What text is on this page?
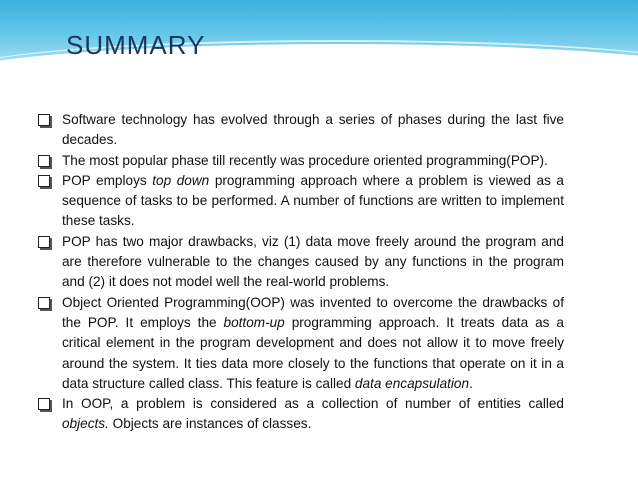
SUMMARY
Software technology has evolved through a series of phases during the last five decades.
The most popular phase till recently was procedure oriented programming(POP).
POP employs top down programming approach where a problem is viewed as a sequence of tasks to be performed. A number of functions are written to implement these tasks.
POP has two major drawbacks, viz (1) data move freely around the program and are therefore vulnerable to the changes caused by any functions in the program and (2) it does not model well the real-world problems.
Object Oriented Programming(OOP) was invented to overcome the drawbacks of the POP. It employs the bottom-up programming approach. It treats data as a critical element in the program development and does not allow it to move freely around the system. It ties data more closely to the functions that operate on it in a data structure called class. This feature is called data encapsulation.
In OOP, a problem is considered as a collection of number of entities called objects. Objects are instances of classes.
